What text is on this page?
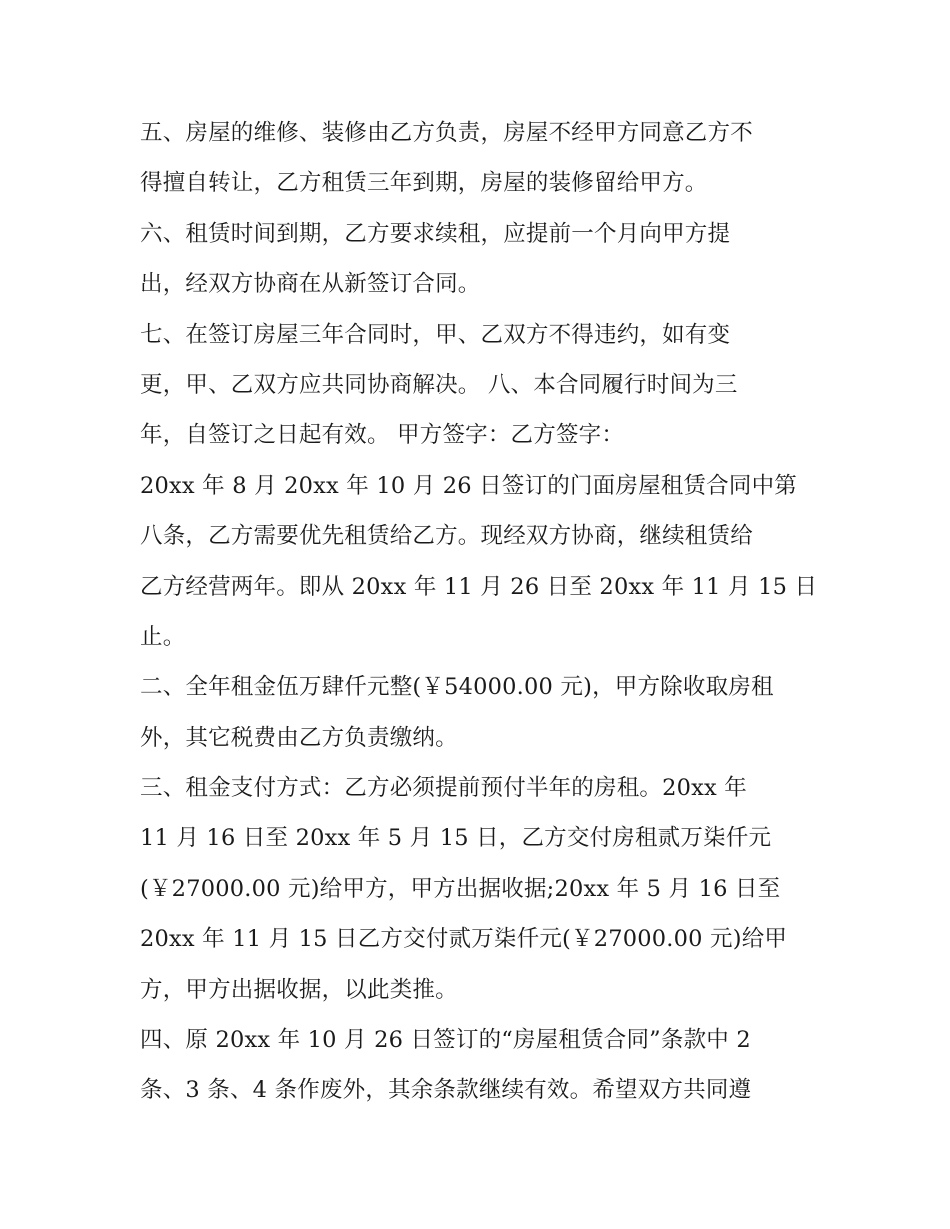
五、房屋的维修、装修由乙方负责，房屋不经甲方同意乙方不
得擅自转让，乙方租赁三年到期，房屋的装修留给甲方。
六、租赁时间到期，乙方要求续租，应提前一个月向甲方提
出，经双方协商在从新签订合同。
七、在签订房屋三年合同时，甲、乙双方不得违约，如有变
更，甲、乙双方应共同协商解决。 八、本合同履行时间为三
年，自签订之日起有效。 甲方签字：乙方签字：
20xx 年 8 月 20xx 年 10 月 26 日签订的门面房屋租赁合同中第
八条，乙方需要优先租赁给乙方。现经双方协商，继续租赁给
乙方经营两年。即从 20xx 年 11 月 26 日至 20xx 年 11 月 15 日
止。
二、全年租金伍万肆仟元整(￥54000.00 元)，甲方除收取房租
外，其它税费由乙方负责缴纳。
三、租金支付方式：乙方必须提前预付半年的房租。20xx 年
11 月 16 日至 20xx 年 5 月 15 日，乙方交付房租贰万柒仟元
(￥27000.00 元)给甲方，甲方出据收据;20xx 年 5 月 16 日至
20xx 年 11 月 15 日乙方交付贰万柒仟元(￥27000.00 元)给甲
方，甲方出据收据，以此类推。
四、原 20xx 年 10 月 26 日签订的“房屋租赁合同”条款中 2
条、3 条、4 条作废外，其余条款继续有效。希望双方共同遵
